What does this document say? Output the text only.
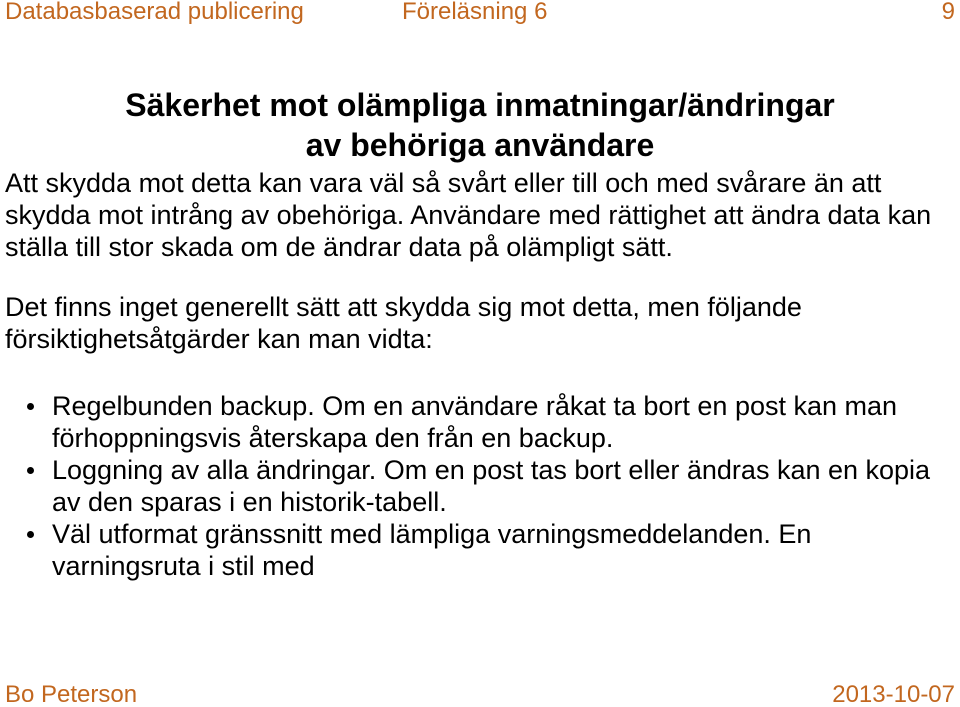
Databasbaserad publicering	Föreläsning 6	9
Säkerhet mot olämpliga inmatningar/ändringar
av behöriga användare
Att skydda mot detta kan vara väl så svårt eller till och med svårare än att
skydda mot intrång av obehöriga. Användare med rättighet att ändra data kan
ställa till stor skada om de ändrar data på olämpligt sätt.
Det finns inget generellt sätt att skydda sig mot detta, men följande
försiktighetsåtgärder kan man vidta:
Regelbunden backup. Om en användare råkat ta bort en post kan man
förhoppningsvis återskapa den från en backup.
Loggning av alla ändringar. Om en post tas bort eller ändras kan en kopia
av den sparas i en historik-tabell.
Väl utformat gränssnitt med lämpliga varningsmeddelanden. En
varningsruta i stil med
Bo Peterson	2013-10-07
